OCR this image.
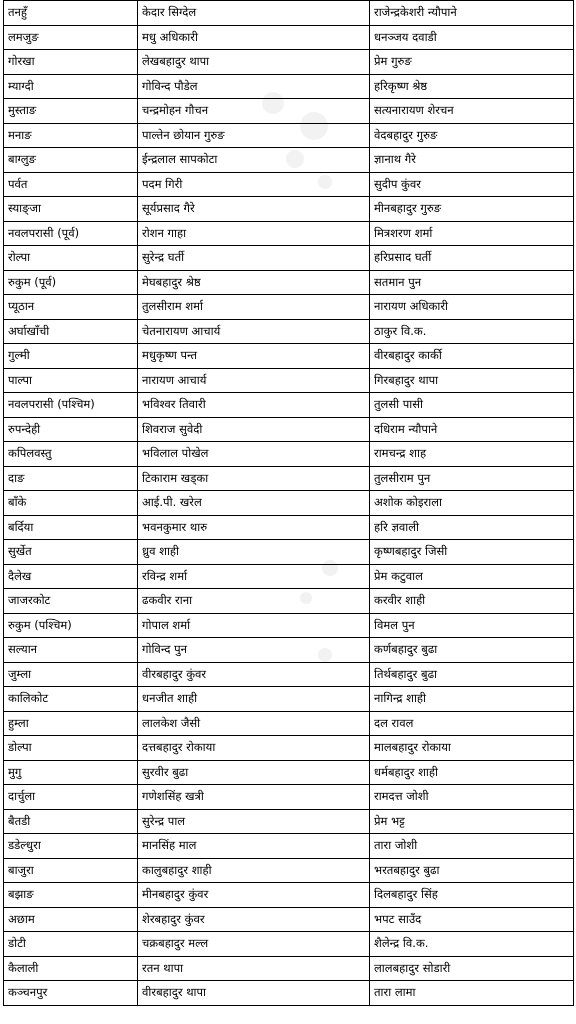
तनहुँ	केदार सिग्देल	राजेन्द्रकेशरी न्यौपाने
लमजुङ	मधु अधिकारी	धनञ्जय दवाडी
गोरखा	लेखबहादुर थापा	प्रेम गुरुङ
म्याग्दी	गोविन्द पौडेल	हरिकृष्ण श्रेष्ठ
मुस्ताङ	चन्द्रमोहन गौचन	सत्यनारायण शेरचन
मनाङ	पाल्तेन छोयान गुरुङ	वेदबहादुर गुरुङ
बाग्लुङ	ईन्द्रलाल सापकोटा	ज्ञानाथ गैरे
पर्वत	पदम गिरी	सुदीप कुंवर
स्याङ्जा	सूर्यप्रसाद गैरे	मीनबहादुर गुरुङ
नवलपरासी (पूर्व)	रोशन गाहा	मित्रशरण शर्मा
रोल्पा	सुरेन्द्र घर्ती	हरिप्रसाद घर्ती
रुकुम (पूर्व)	मेघबहादुर श्रेष्ठ	सतमान पुन
प्यूठान	तुलसीराम शर्मा	नारायण अधिकारी
अर्घाखाँची	चेतनारायण आचार्य	ठाकुर वि.क.
गुल्मी	मधुकृष्ण पन्त	वीरबहादुर कार्की
पाल्पा	नारायण आचार्य	गिरबहादुर थापा
नवलपरासी (पश्चिम)	भविश्वर तिवारी	तुलसी पासी
रुपन्देही	शिवराज सुवेदी	दधिराम न्यौपाने
कपिलवस्तु	भविलाल पोखेल	रामचन्द्र शाह
दाङ	टिकाराम खड्का	तुलसीराम पुन
बाँके	आई.पी. खरेल	अशोक कोइराला
बर्दिया	भवनकुमार थारु	हरि ज्ञवाली
सुर्खेत	ध्रुव शाही	कृष्णबहादुर जिसी
दैलेख	रविन्द्र शर्मा	प्रेम कटुवाल
जाजरकोट	ढकवीर राना	करवीर शाही
रुकुम (पश्चिम)	गोपाल शर्मा	विमल पुन
सल्यान	गोविन्द पुन	कर्णबहादुर बुढा
जुम्ला	वीरबहादुर कुंवर	तिर्थबहादुर बुढा
कालिकोट	धनजीत शाही	नागिन्द्र शाही
हुम्ला	लालकेश जैसी	दल रावल
डोल्पा	दत्तबहादुर रोकाया	मालबहादुर रोकाया
मुगु	सुरवीर बुढा	धर्मबहादुर शाही
दार्चुला	गणेशसिंह खत्री	रामदत्त जोशी
बैतडी	सुरेन्द्र पाल	प्रेम भट्ट
डडेल्धुरा	मानसिंह माल	तारा जोशी
बाजुरा	कालुबहादुर शाही	भरतबहादुर बुढा
बझाङ	मीनबहादुर कुंवर	दिलबहादुर सिंह
अछाम	शेरबहादुर कुंवर	भपट साउँद
डोटी	चक्रबहादुर मल्ल	शैलेन्द्र वि.क.
कैलाली	रतन थापा	लालबहादुर सोडारी
कञ्चनपुर	वीरबहादुर थापा	तारा लामा
